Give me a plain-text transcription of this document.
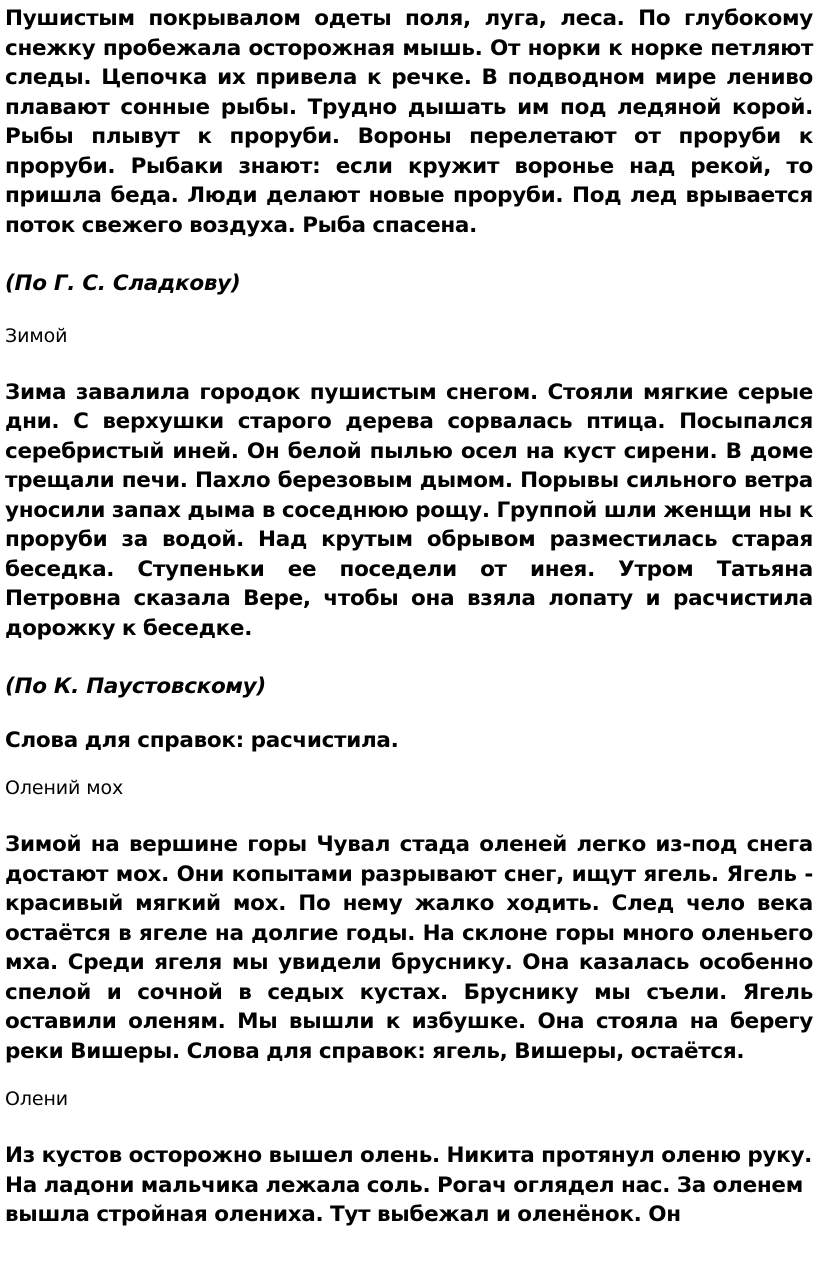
Пушистым покрывалом одеты поля, луга, леса. По глубокому снежку пробежала осторожная мышь. От норки к норке петляют следы. Цепочка их привела к речке. В подводном мире лениво плавают сонные рыбы. Трудно дышать им под ледяной корой. Рыбы плывут к проруби. Вороны перелетают от проруби к проруби. Рыбаки знают: если кружит воронье над рекой, то пришла беда. Люди делают новые проруби. Под лед врывается поток свежего воздуха. Рыба спасена.

(По Г. С. Сладкову)

Зимой

Зима завалила городок пушистым снегом. Стояли мягкие серые дни. С верхушки старого дерева сорвалась птица. Посыпался серебристый иней. Он белой пылью осел на куст сирени. В доме трещали печи. Пахло березовым дымом. Порывы сильного ветра уносили запах дыма в соседнюю рощу. Группой шли женщи ны к проруби за водой. Над крутым обрывом разместилась старая беседка. Ступеньки ее поседели от инея. Утром Татьяна Петровна сказала Вере, чтобы она взяла лопату и расчистила дорожку к беседке.

(По К. Паустовскому)

Слова для справок: расчистила.

Олений мох

Зимой на вершине горы Чувал стада оленей легко из-под снега достают мох. Они копытами разрывают снег, ищут ягель. Ягель - красивый мягкий мох. По нему жалко ходить. След чело века остаётся в ягеле на долгие годы. На склоне горы много оленьего мха. Среди ягеля мы увидели бруснику. Она казалась особенно спелой и сочной в седых кустах. Бруснику мы съели. Ягель оставили оленям. Мы вышли к избушке. Она стояла на берегу реки Вишеры. Слова для справок: ягель, Вишеры, остаётся.

Олени

Из кустов осторожно вышел олень. Никита протянул оленю руку. На ладони мальчика лежала соль. Рогач оглядел нас. За оленем вышла стройная олениха. Тут выбежал и оленёнок. Он
